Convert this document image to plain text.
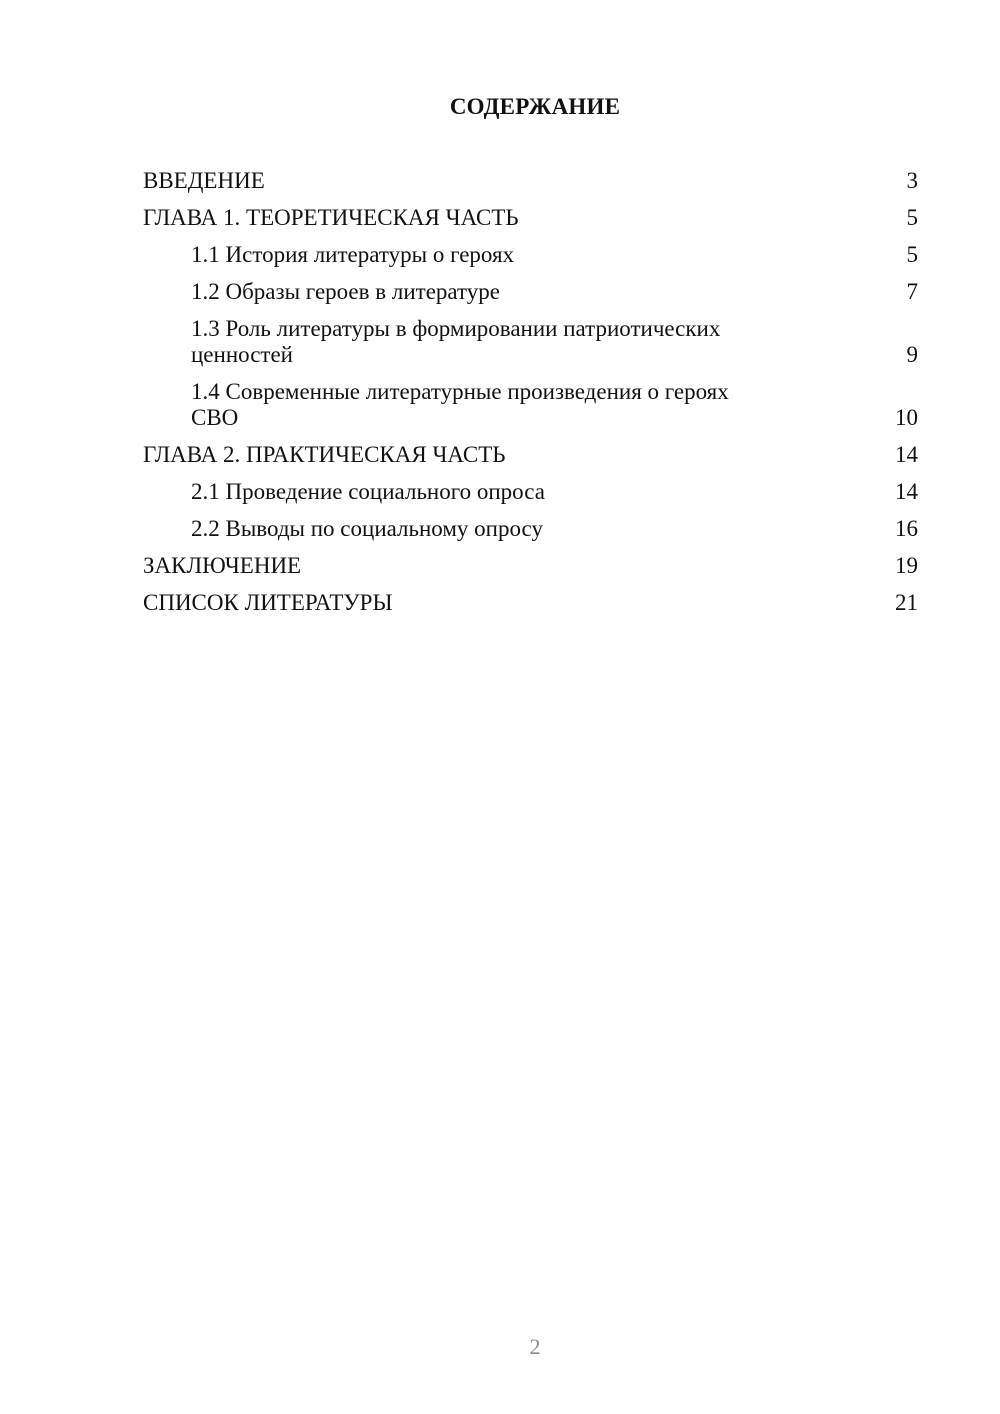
СОДЕРЖАНИЕ
ВВЕДЕНИЕ	3
ГЛАВА 1. ТЕОРЕТИЧЕСКАЯ ЧАСТЬ	5
1.1 История литературы о героях	5
1.2 Образы героев в литературе	7
1.3 Роль литературы в формировании патриотических ценностей	9
1.4 Современные литературные произведения о героях СВО	10
ГЛАВА 2. ПРАКТИЧЕСКАЯ ЧАСТЬ	14
2.1 Проведение социального опроса	14
2.2 Выводы по социальному опросу	16
ЗАКЛЮЧЕНИЕ	19
СПИСОК ЛИТЕРАТУРЫ	21
2
